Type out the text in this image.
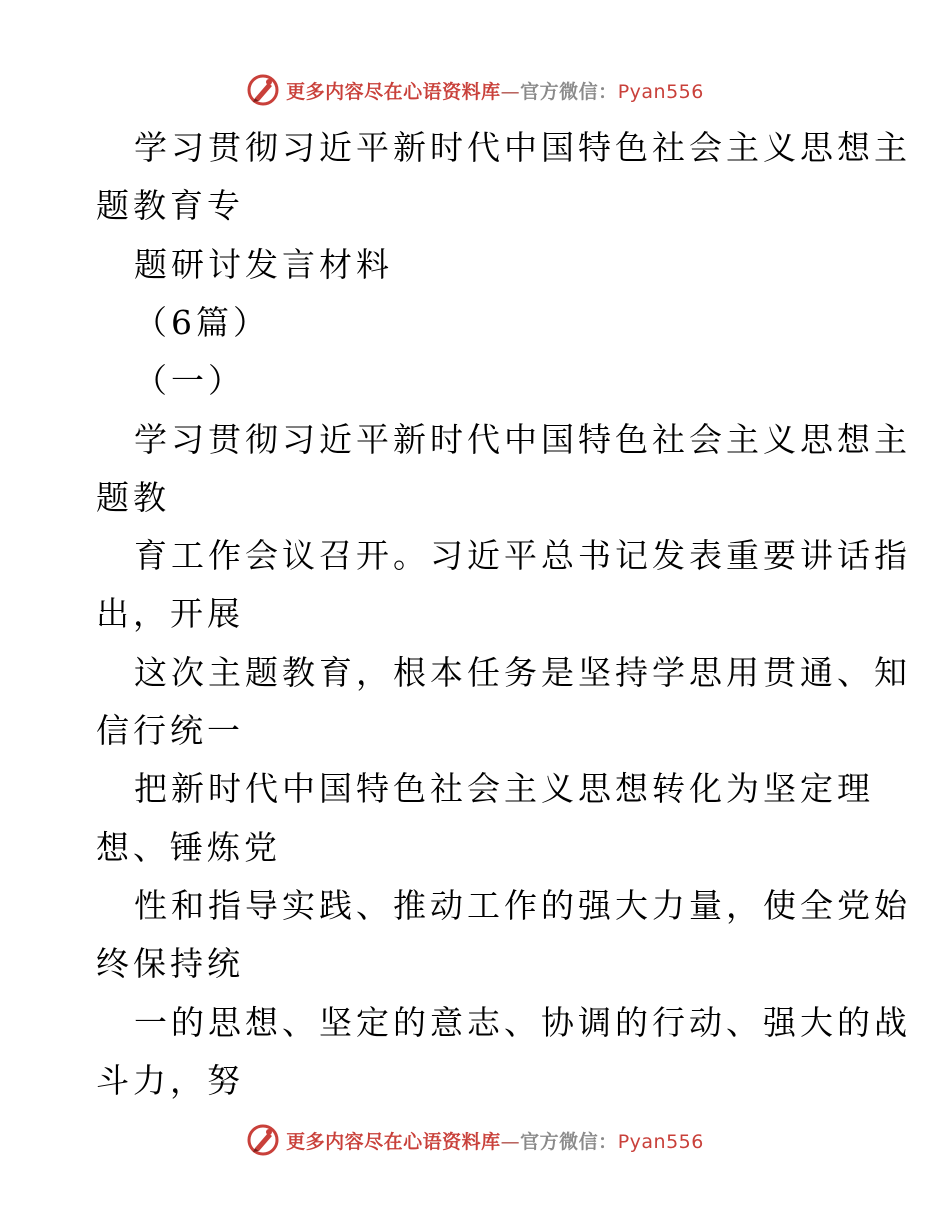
更多内容尽在心语资料库—官方微信：Pyan556
学习贯彻习近平新时代中国特色社会主义思想主
题教育专
题研讨发言材料
（6篇）
（一）
学习贯彻习近平新时代中国特色社会主义思想主
题教
育工作会议召开。习近平总书记发表重要讲话指
出，开展
这次主题教育，根本任务是坚持学思用贯通、知
信行统一
把新时代中国特色社会主义思想转化为坚定理
想、锤炼党
性和指导实践、推动工作的强大力量，使全党始
终保持统
一的思想、坚定的意志、协调的行动、强大的战
斗力，努
更多内容尽在心语资料库—官方微信：Pyan556
